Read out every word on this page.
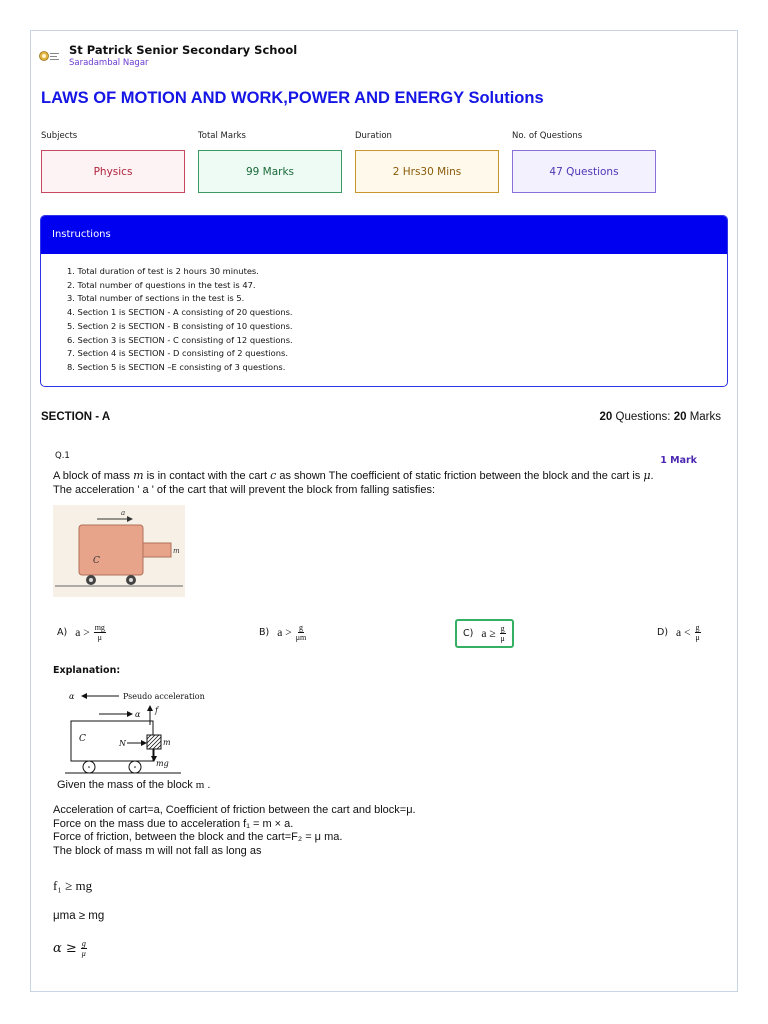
St Patrick Senior Secondary School
Saradambal Nagar
LAWS OF MOTION AND WORK,POWER AND ENERGY Solutions
Subjects	Total Marks	Duration	No. of Questions
Physics	99 Marks	2 Hrs30 Mins	47 Questions
Instructions
1. Total duration of test is 2 hours 30 minutes.
2. Total number of questions in the test is 47.
3. Total number of sections in the test is 5.
4. Section 1 is SECTION - A consisting of 20 questions.
5. Section 2 is SECTION - B consisting of 10 questions.
6. Section 3 is SECTION - C consisting of 12 questions.
7. Section 4 is SECTION - D consisting of 2 questions.
8. Section 5 is SECTION –E consisting of 3 questions.
SECTION - A	20 Questions: 20 Marks
Q.1	1 Mark
A block of mass m is in contact with the cart c as shown The coefficient of static friction between the block and the cart is μ.
The acceleration ' a ' of the cart that will prevent the block from falling satisfies:
a
C
m
A) $a > \frac{mg}{\mu}$	B) $a > \frac{g}{\mu m}$	C) $a \ge \frac{g}{\mu}$	D) $a < \frac{g}{\mu}$
Explanation:
α	Pseudo acceleration
α
C
f
N	m
mg
Given the mass of the block m .
Acceleration of cart=a, Coefficient of friction between the cart and block=μ.
Force on the mass due to acceleration f₁ = m × a.
Force of friction, between the block and the cart=F₂ = μ ma.
The block of mass m will not fall as long as
f₁ ≥ mg
μma ≥ mg
$\alpha \ge \frac{g}{\mu}$
